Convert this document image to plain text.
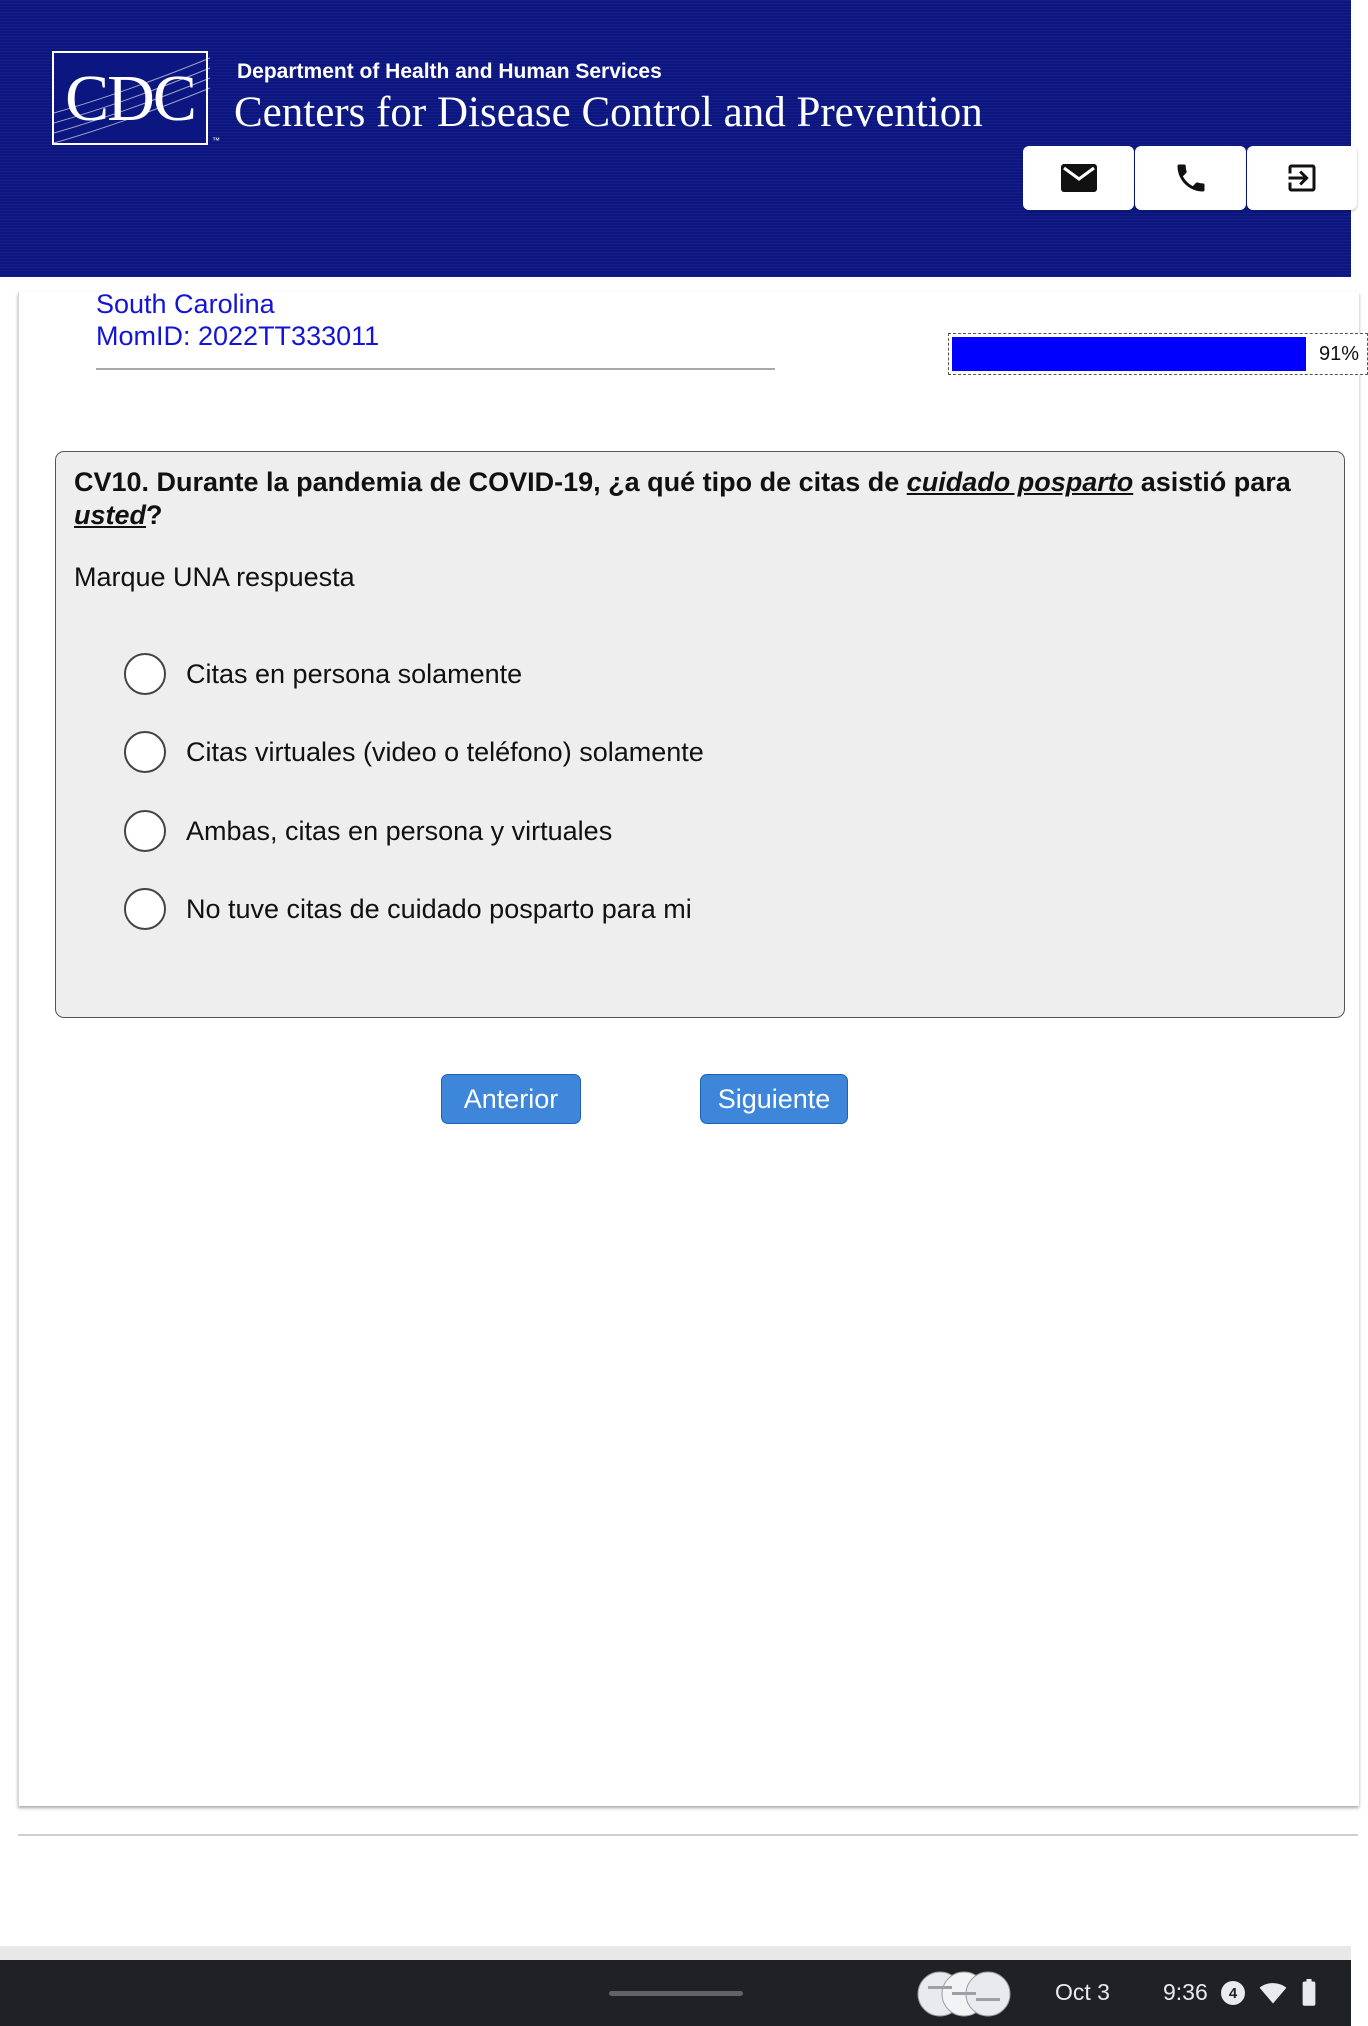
CDC
™
Department of Health and Human Services
Centers for Disease Control and Prevention
South Carolina
MomID: 2022TT333011
91%
CV10. Durante la pandemia de COVID-19, ¿a qué tipo de citas de cuidado posparto asistió para usted?
Marque UNA respuesta
Citas en persona solamente
Citas virtuales (video o teléfono) solamente
Ambas, citas en persona y virtuales
No tuve citas de cuidado posparto para mi
Anterior	Siguiente
Oct 3 9:36	4
